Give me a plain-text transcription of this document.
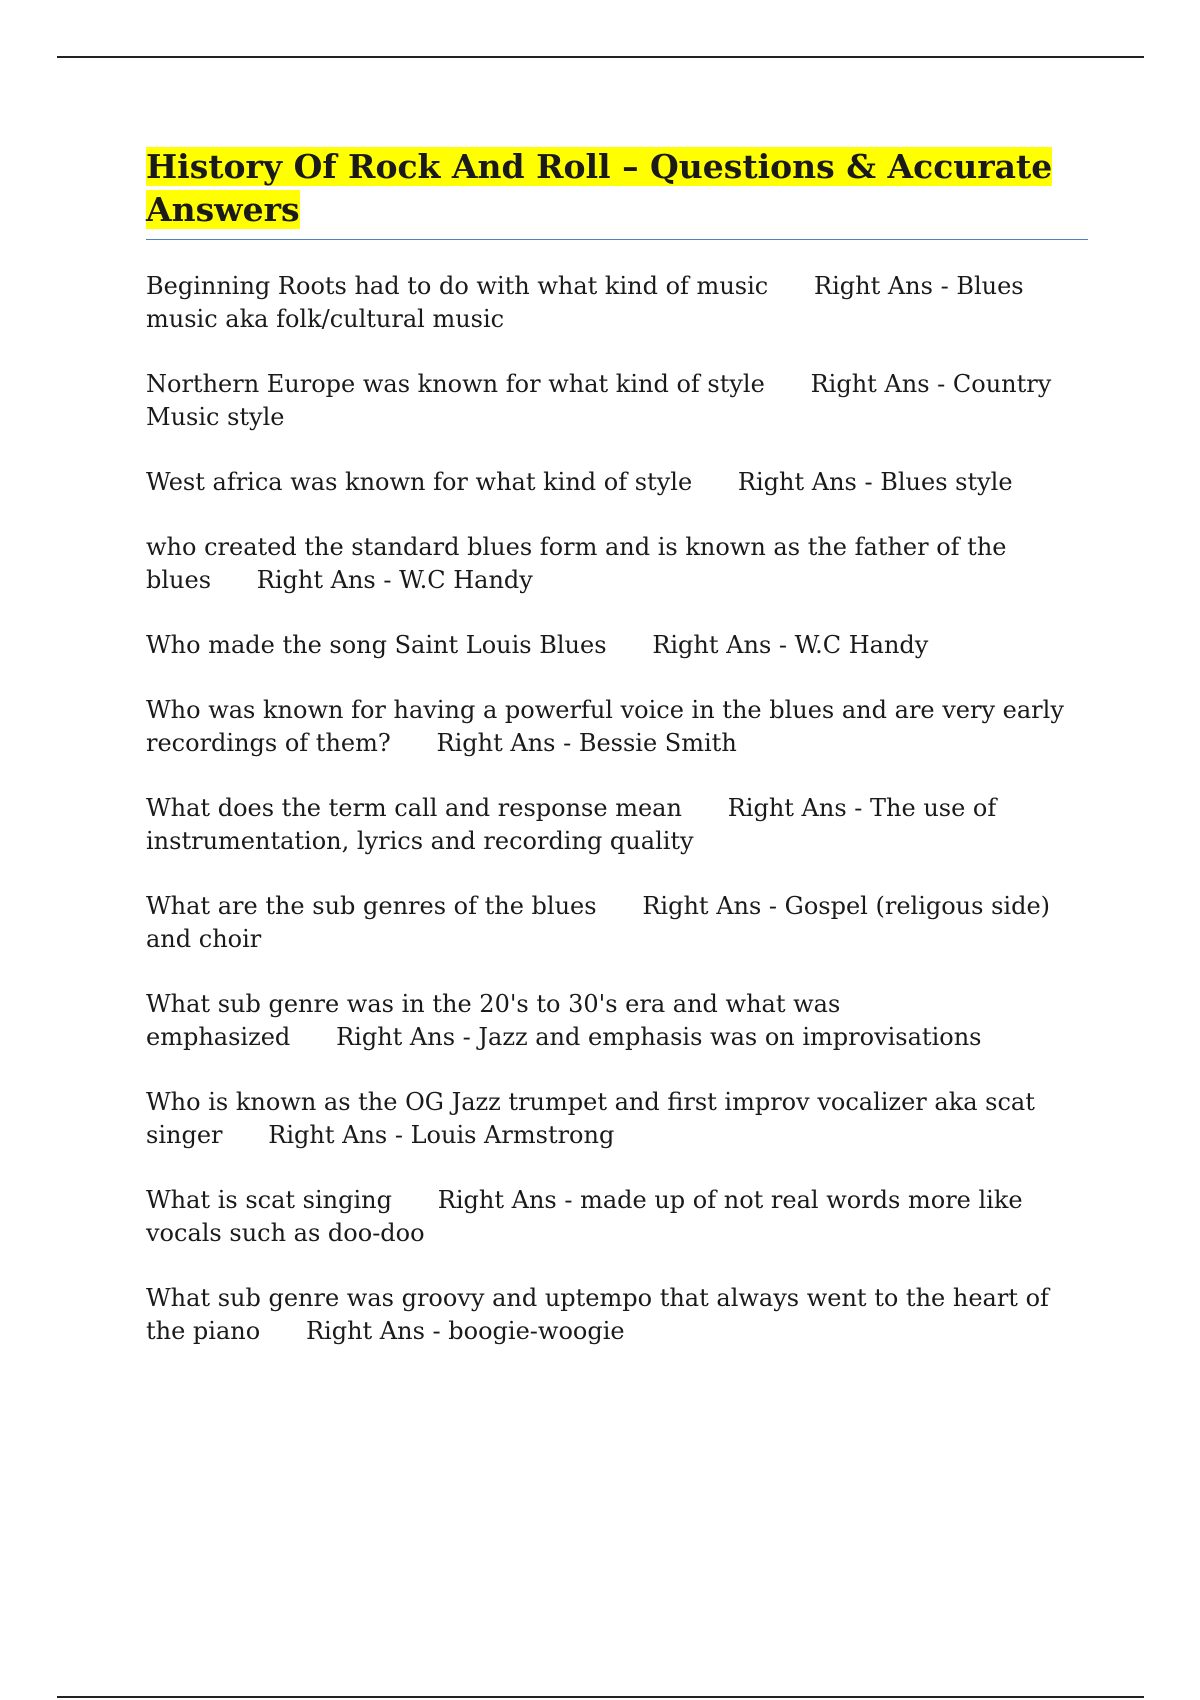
History Of Rock And Roll – Questions & Accurate Answers

Beginning Roots had to do with what kind of music Right Ans - Blues music aka folk/cultural music

Northern Europe was known for what kind of style Right Ans - Country Music style

West africa was known for what kind of style Right Ans - Blues style

who created the standard blues form and is known as the father of the blues Right Ans - W.C Handy

Who made the song Saint Louis Blues Right Ans - W.C Handy

Who was known for having a powerful voice in the blues and are very early recordings of them? Right Ans - Bessie Smith

What does the term call and response mean Right Ans - The use of instrumentation, lyrics and recording quality

What are the sub genres of the blues Right Ans - Gospel (religous side) and choir

What sub genre was in the 20's to 30's era and what was emphasized Right Ans - Jazz and emphasis was on improvisations

Who is known as the OG Jazz trumpet and first improv vocalizer aka scat singer Right Ans - Louis Armstrong

What is scat singing Right Ans - made up of not real words more like vocals such as doo-doo

What sub genre was groovy and uptempo that always went to the heart of the piano Right Ans - boogie-woogie
